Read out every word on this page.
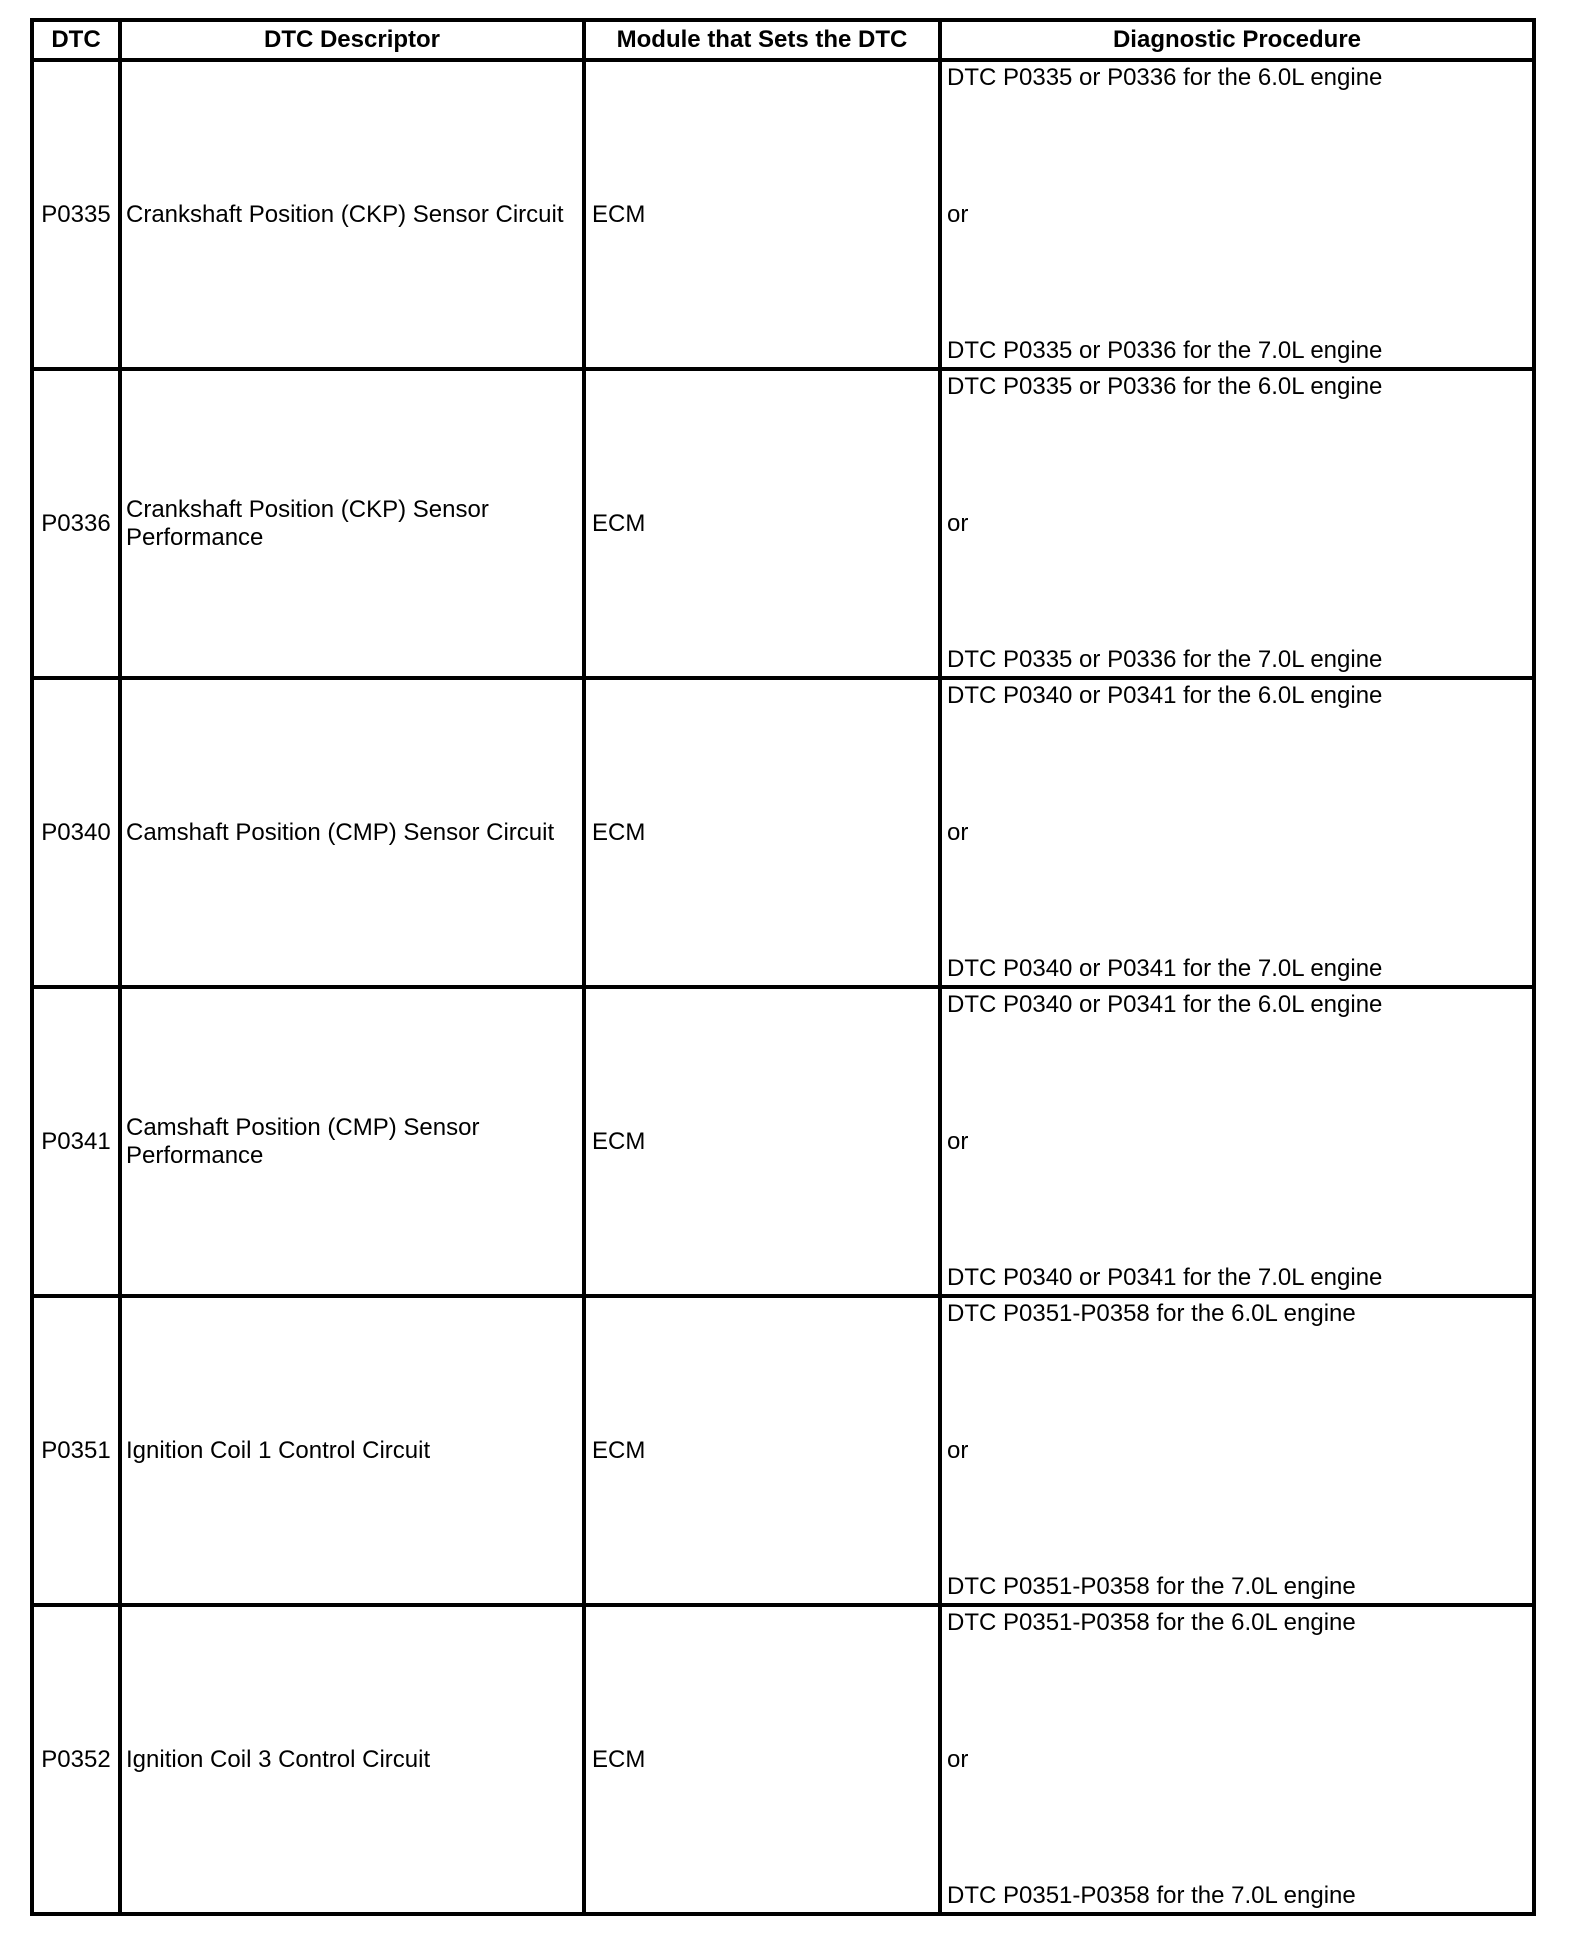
DTC	DTC Descriptor	Module that Sets the DTC	Diagnostic Procedure
P0335	Crankshaft Position (CKP) Sensor Circuit	ECM	DTC P0335 or P0336 for the 6.0L engine
or
DTC P0335 or P0336 for the 7.0L engine

P0336	Crankshaft Position (CKP) Sensor Performance	ECM	DTC P0335 or P0336 for the 6.0L engine
or
DTC P0335 or P0336 for the 7.0L engine

P0340	Camshaft Position (CMP) Sensor Circuit	ECM	DTC P0340 or P0341 for the 6.0L engine
or
DTC P0340 or P0341 for the 7.0L engine

P0341	Camshaft Position (CMP) Sensor Performance	ECM	DTC P0340 or P0341 for the 6.0L engine
or
DTC P0340 or P0341 for the 7.0L engine

P0351	Ignition Coil 1 Control Circuit	ECM	DTC P0351-P0358 for the 6.0L engine
or
DTC P0351-P0358 for the 7.0L engine

P0352	Ignition Coil 3 Control Circuit	ECM	DTC P0351-P0358 for the 6.0L engine
or
DTC P0351-P0358 for the 7.0L engine
